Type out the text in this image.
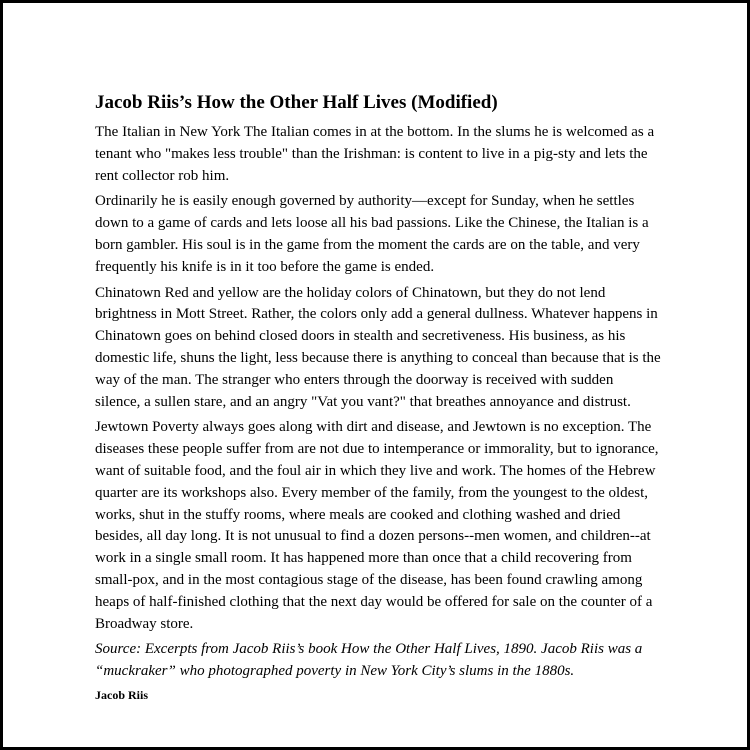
Jacob Riis’s How the Other Half Lives (Modified)

The Italian in New York The Italian comes in at the bottom. In the slums he is welcomed as a tenant who "makes less trouble" than the Irishman: is content to live in a pig-sty and lets the rent collector rob him.

Ordinarily he is easily enough governed by authority—except for Sunday, when he settles down to a game of cards and lets loose all his bad passions. Like the Chinese, the Italian is a born gambler. His soul is in the game from the moment the cards are on the table, and very frequently his knife is in it too before the game is ended.

Chinatown Red and yellow are the holiday colors of Chinatown, but they do not lend brightness in Mott Street. Rather, the colors only add a general dullness. Whatever happens in Chinatown goes on behind closed doors in stealth and secretiveness. His business, as his domestic life, shuns the light, less because there is anything to conceal than because that is the way of the man. The stranger who enters through the doorway is received with sudden silence, a sullen stare, and an angry "Vat you vant?" that breathes annoyance and distrust.

Jewtown Poverty always goes along with dirt and disease, and Jewtown is no exception. The diseases these people suffer from are not due to intemperance or immorality, but to ignorance, want of suitable food, and the foul air in which they live and work. The homes of the Hebrew quarter are its workshops also. Every member of the family, from the youngest to the oldest, works, shut in the stuffy rooms, where meals are cooked and clothing washed and dried besides, all day long. It is not unusual to find a dozen persons--men women, and children--at work in a single small room. It has happened more than once that a child recovering from small-pox, and in the most contagious stage of the disease, has been found crawling among heaps of half-finished clothing that the next day would be offered for sale on the counter of a Broadway store.

Source: Excerpts from Jacob Riis’s book How the Other Half Lives, 1890. Jacob Riis was a “muckraker” who photographed poverty in New York City’s slums in the 1880s.

Jacob Riis
